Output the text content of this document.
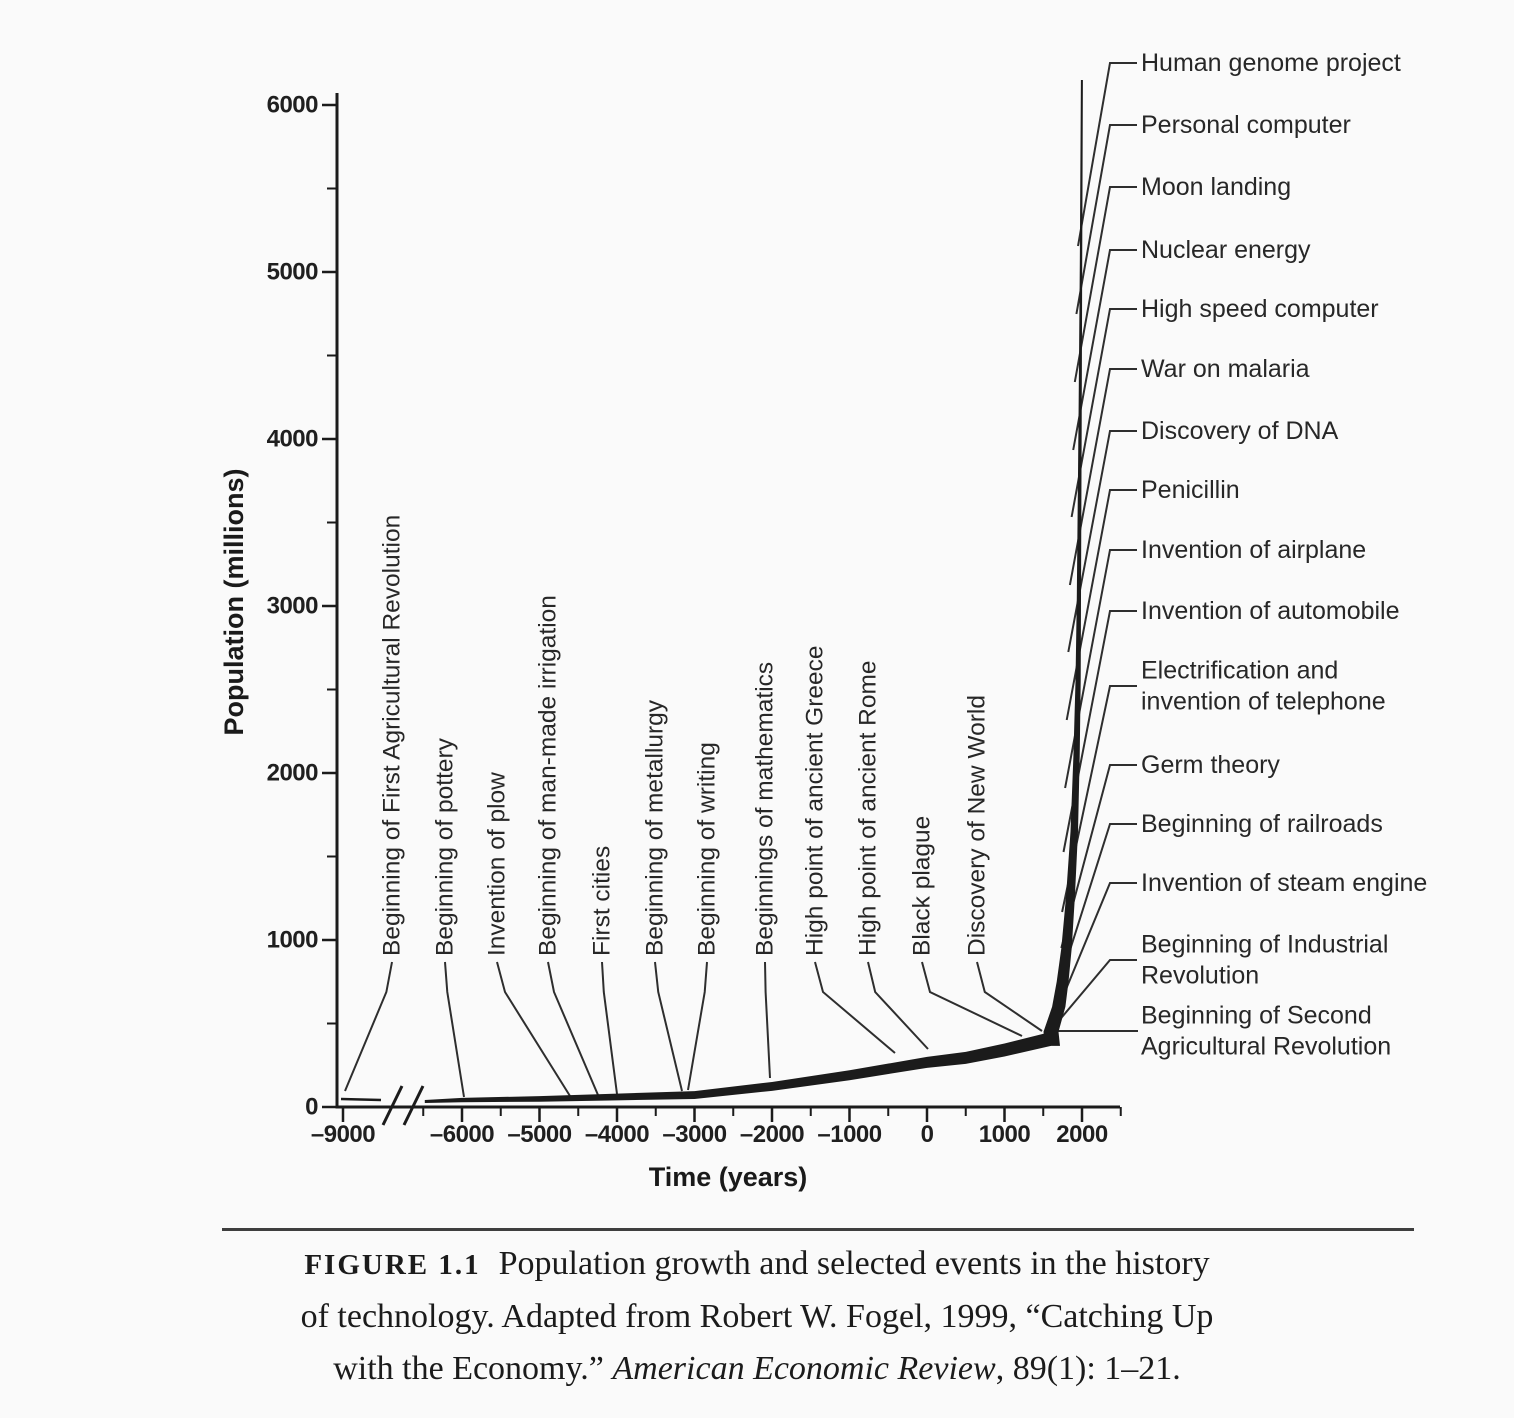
0
1000
2000
3000
4000
5000
6000
–9000 –6000 –5000 –4000 –3000 –2000 –1000 0 1000 2000
Beginning of First Agricultural Revolution Beginning of pottery Invention of plow Beginning of man-made irrigation First cities Beginning of metallurgy Beginning of writing Beginnings of mathematics High point of ancient Greece High point of ancient Rome Black plague Discovery of New World
Human genome project
Personal computer
Moon landing
Nuclear energy
High speed computer
War on malaria
Discovery of DNA
Penicillin
Invention of airplane
Invention of automobile
Electrification and invention of telephone
Germ theory
Beginning of railroads
Invention of steam engine
Beginning of Industrial Revolution
Beginning of Second Agricultural Revolution
Time (years)
Population (millions)
FIGURE 1.1 Population growth and selected events in the history
of technology. Adapted from Robert W. Fogel, 1999, “Catching Up
with the Economy.” American Economic Review, 89(1): 1–21.
